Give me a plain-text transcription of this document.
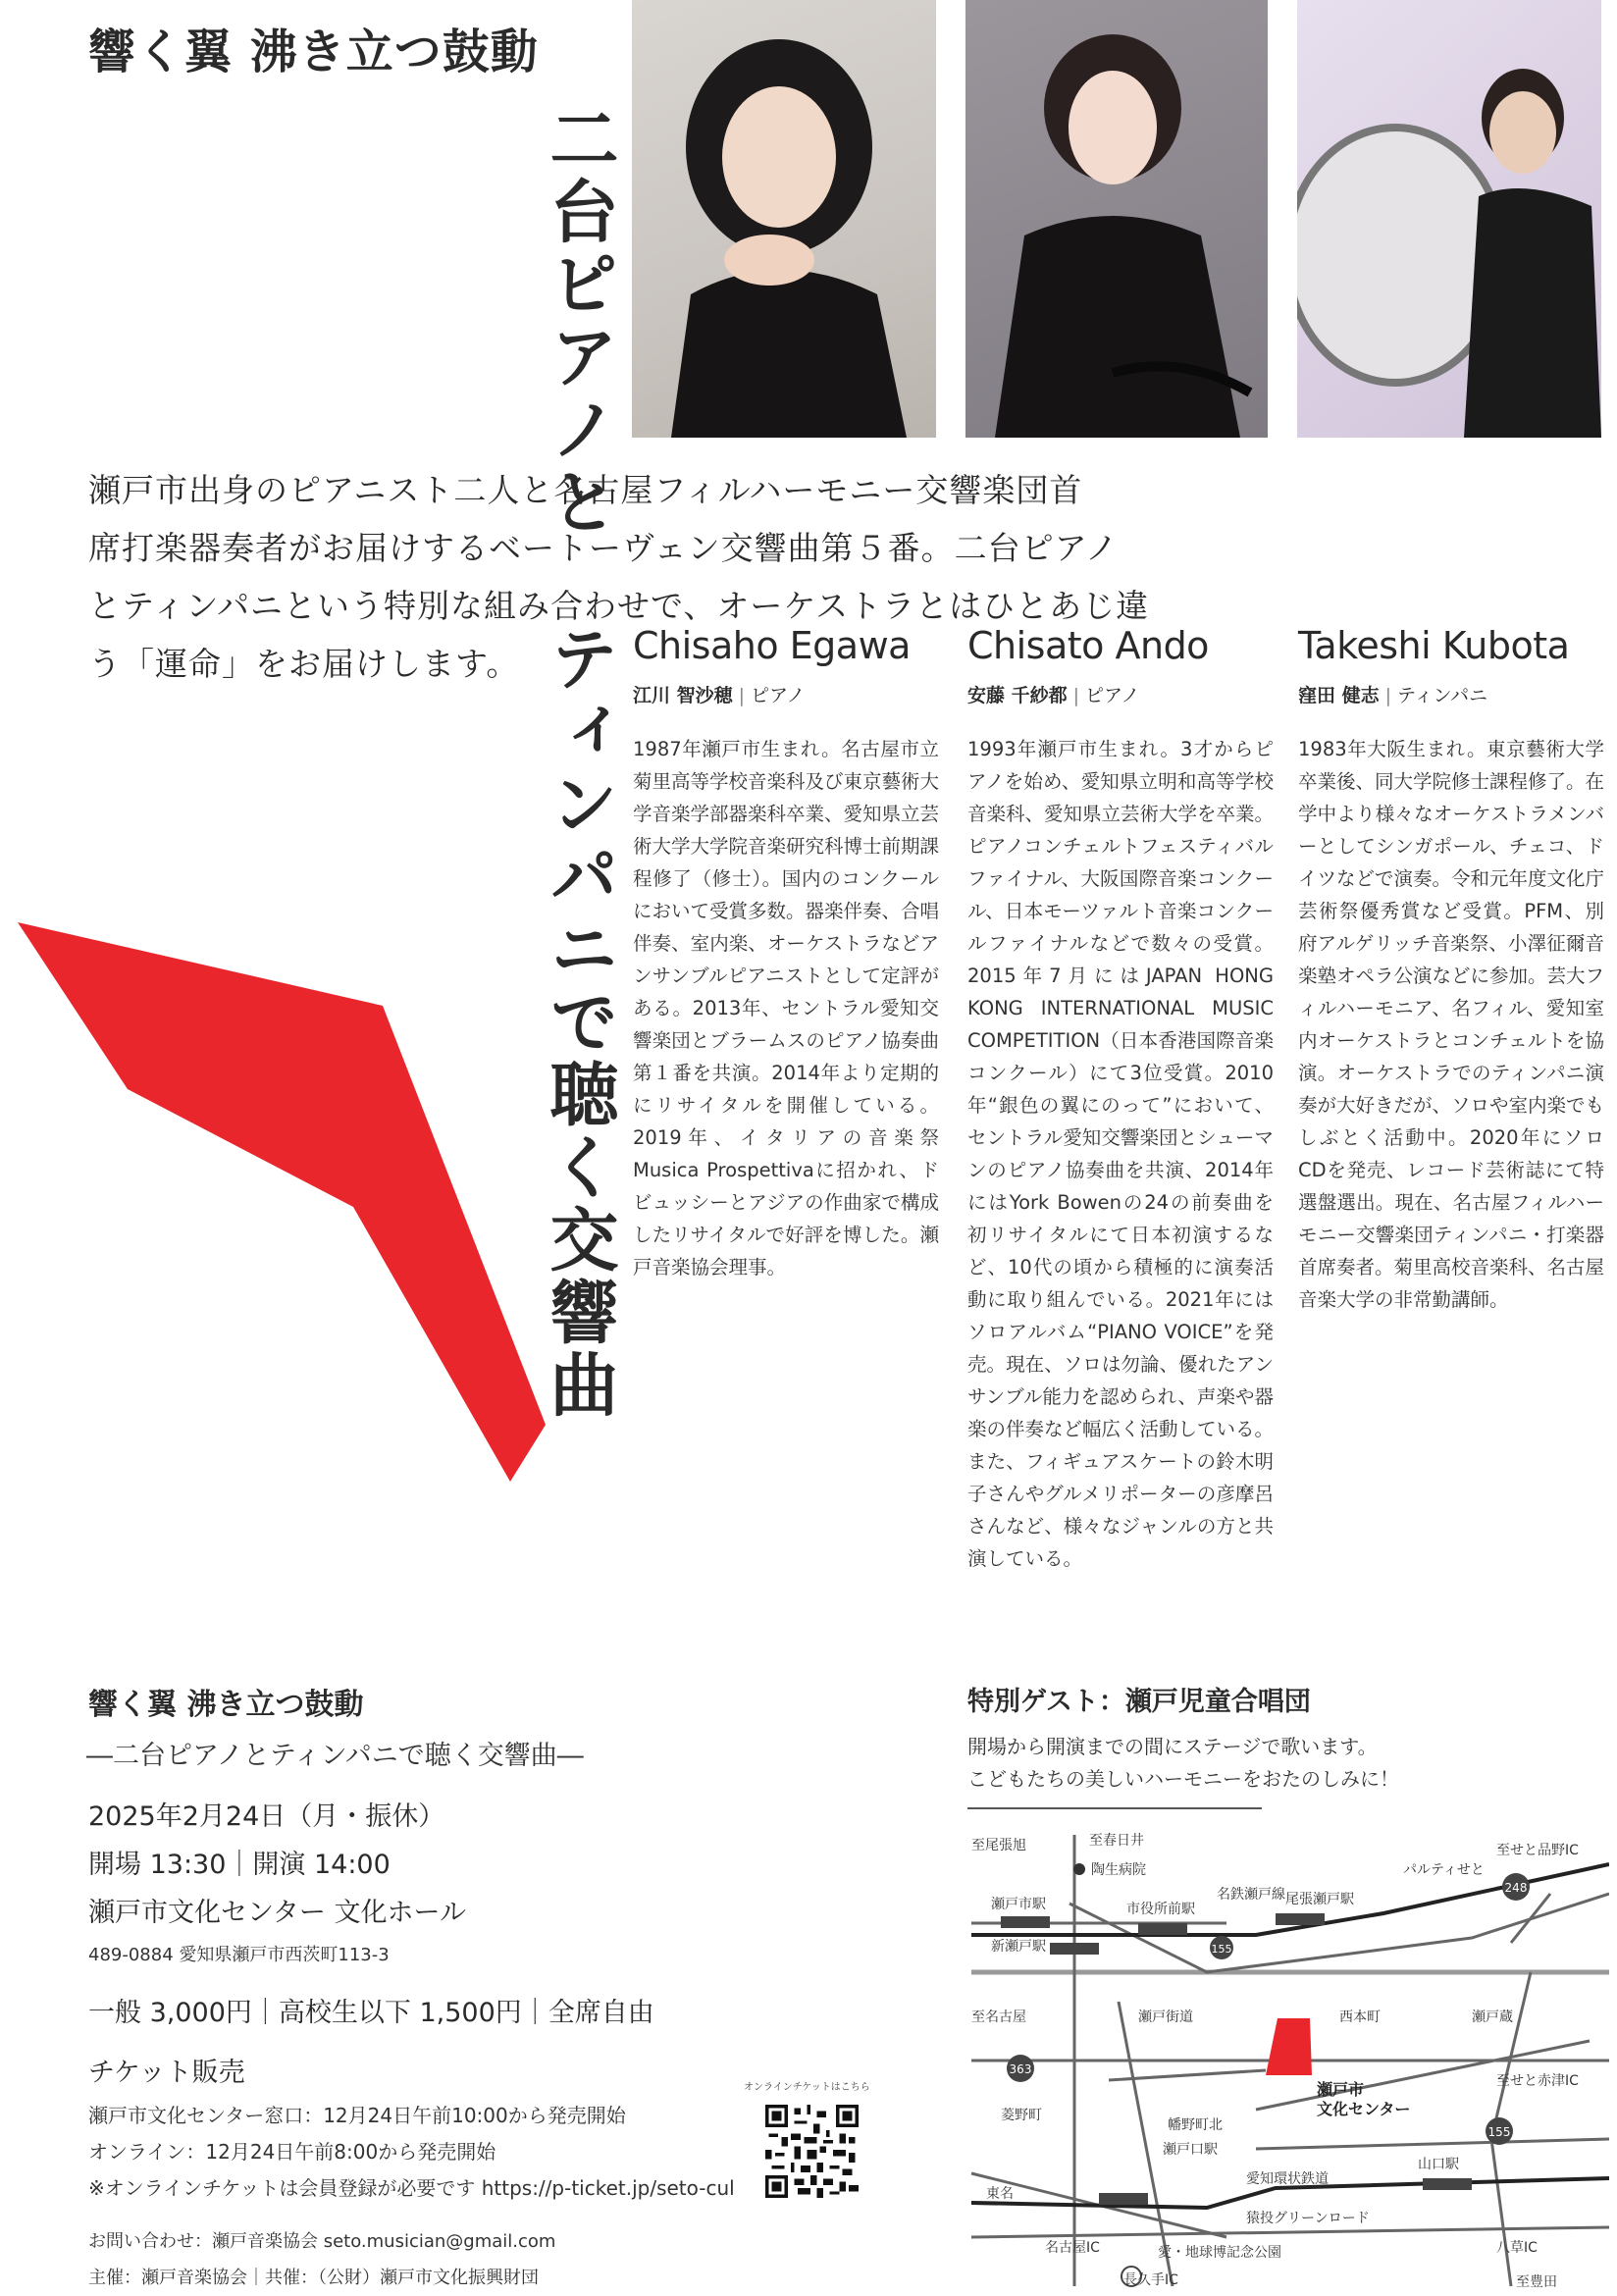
響く翼 沸き立つ鼓動
二台ピアノと
ティンパニで聴く交響曲
瀬戸市出身のピアニスト二人と名古屋フィルハーモニー交響楽団首
席打楽器奏者がお届けするベートーヴェン交響曲第５番。二台ピアノ
とティンパニという特別な組み合わせで、オーケストラとはひとあじ違
う「運命」をお届けします。	Chisaho Egawa
江川 智沙穂 | ピアノ
1987年瀬戸市生まれ。名古屋市立菊里高等学校音楽科及び東京藝術大学音楽学部器楽科卒業、愛知県立芸術大学大学院音楽研究科博士前期課程修了（修士）。国内のコンクールにおいて受賞多数。器楽伴奏、合唱伴奏、室内楽、オーケストラなどアンサンブルピアニストとして定評がある。2013年、セントラル愛知交響楽団とブラームスのピアノ協奏曲第１番を共演。2014年より定期的にリサイタルを開催している。2019年、イタリアの音楽祭Musica Prospettivaに招かれ、ドビュッシーとアジアの作曲家で構成したリサイタルで好評を博した。瀬戸音楽協会理事。
Chisato Ando
安藤 千紗都 | ピアノ
1993年瀬戸市生まれ。3才からピアノを始め、愛知県立明和高等学校音楽科、愛知県立芸術大学を卒業。ピアノコンチェルトフェスティバルファイナル、大阪国際音楽コンクール、日本モーツァルト音楽コンクールファイナルなどで数々の受賞。2015年7月にはJAPAN HONG KONG INTERNATIONAL MUSIC COMPETITION（日本香港国際音楽コンクール）にて3位受賞。2010年“銀色の翼にのって”において、セントラル愛知交響楽団とシューマンのピアノ協奏曲を共演、2014年にはYork Bowenの24の前奏曲を初リサイタルにて日本初演するなど、10代の頃から積極的に演奏活動に取り組んでいる。2021年にはソロアルバム“PIANO VOICE”を発売。現在、ソロは勿論、優れたアンサンブル能力を認められ、声楽や器楽の伴奏など幅広く活動している。また、フィギュアスケートの鈴木明子さんやグルメリポーターの彦摩呂さんなど、様々なジャンルの方と共演している。
Takeshi Kubota
窪田 健志 | ティンパニ
1983年大阪生まれ。東京藝術大学卒業後、同大学院修士課程修了。在学中より様々なオーケストラメンバーとしてシンガポール、チェコ、ドイツなどで演奏。令和元年度文化庁芸術祭優秀賞など受賞。PFM、別府アルゲリッチ音楽祭、小澤征爾音楽塾オペラ公演などに参加。芸大フィルハーモニア、名フィル、愛知室内オーケストラとコンチェルトを協演。オーケストラでのティンパニ演奏が大好きだが、ソロや室内楽でもしぶとく活動中。2020年にソロCDを発売、レコード芸術誌にて特選盤選出。現在、名古屋フィルハーモニー交響楽団ティンパニ・打楽器首席奏者。菊里高校音楽科、名古屋音楽大学の非常勤講師。
響く翼 沸き立つ鼓動
―二台ピアノとティンパニで聴く交響曲―
2025年2月24日（月・振休）
開場 13:30｜開演 14:00
瀬戸市文化センター 文化ホール
489-0884 愛知県瀬戸市西茨町113-3
一般 3,000円｜高校生以下 1,500円｜全席自由
チケット販売
瀬戸市文化センター窓口：12月24日午前10:00から発売開始
オンライン：12月24日午前8:00から発売開始
※オンラインチケットは会員登録が必要です https://p-ticket.jp/seto-cul
オンラインチケットはこちら
お問い合わせ：瀬戸音楽協会 seto.musician@gmail.com
主催：瀬戸音楽協会｜共催：（公財）瀬戸市文化振興財団
特別ゲスト：瀬戸児童合唱団
開場から開演までの間にステージで歌います。
こどもたちの美しいハーモニーをおたのしみに！
248
155
363
155
至尾張旭	至春日井
陶生病院
名鉄瀬戸線
パルティせと
至せと品野IC
瀬戸市駅	市役所前駅
尾張瀬戸駅
新瀬戸駅
至名古屋	瀬戸街道	西本町	瀬戸蔵
至せと赤津IC
瀬戸市
文化センター
菱野町
幡野町北
瀬戸口駅
愛知環状鉄道
山口駅
東名
名古屋IC
猿投グリーンロード
愛・地球博記念公園
長久手IC
八草IC
至豊田
